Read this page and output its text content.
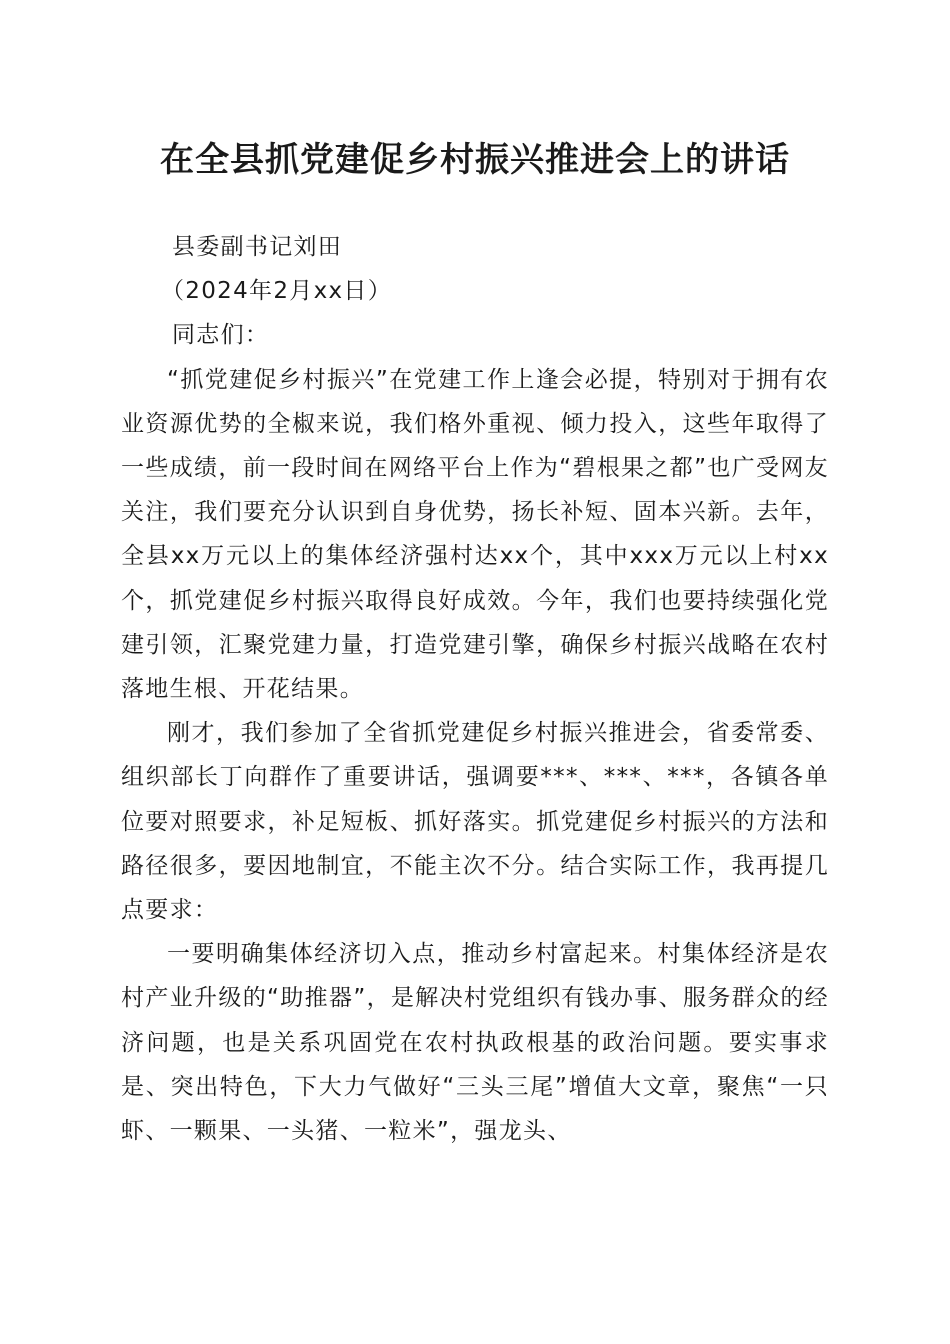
在全县抓党建促乡村振兴推进会上的讲话

县委副书记刘田

（2024年2月xx日）

同志们：

“抓党建促乡村振兴”在党建工作上逢会必提，特别对于拥有农业资源优势的全椒来说，我们格外重视、倾力投入，这些年取得了一些成绩，前一段时间在网络平台上作为“碧根果之都”也广受网友关注，我们要充分认识到自身优势，扬长补短、固本兴新。去年，全县xx万元以上的集体经济强村达xx个，其中xxx万元以上村xx个，抓党建促乡村振兴取得良好成效。今年，我们也要持续强化党建引领，汇聚党建力量，打造党建引擎，确保乡村振兴战略在农村落地生根、开花结果。

刚才，我们参加了全省抓党建促乡村振兴推进会，省委常委、组织部长丁向群作了重要讲话，强调要***、***、***，各镇各单位要对照要求，补足短板、抓好落实。抓党建促乡村振兴的方法和路径很多，要因地制宜，不能主次不分。结合实际工作，我再提几点要求：

一要明确集体经济切入点，推动乡村富起来。村集体经济是农村产业升级的“助推器”，是解决村党组织有钱办事、服务群众的经济问题，也是关系巩固党在农村执政根基的政治问题。要实事求是、突出特色，下大力气做好“三头三尾”增值大文章，聚焦“一只虾、一颗果、一头猪、一粒米”，强龙头、
